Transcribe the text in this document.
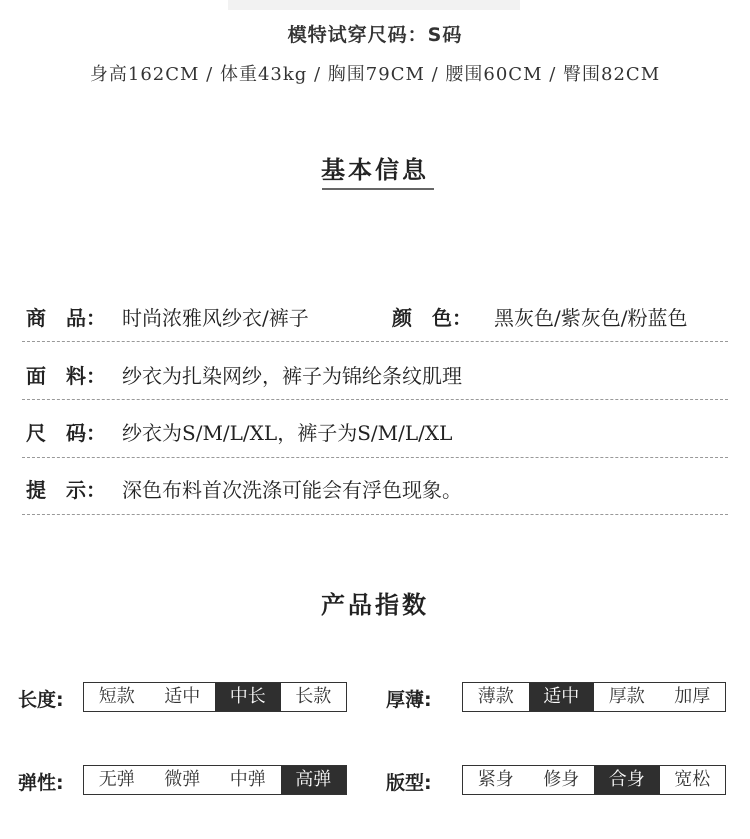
模特试穿尺码：S码
身高162CM / 体重43kg / 胸围79CM / 腰围60CM / 臀围82CM
基本信息
商　品： 时尚浓雅风纱衣/裤子	颜　色： 黑灰色/紫灰色/粉蓝色
面　料： 纱衣为扎染网纱，裤子为锦纶条纹肌理
尺　码： 纱衣为S/M/L/XL，裤子为S/M/L/XL
提　示： 深色布料首次洗涤可能会有浮色现象。
产品指数
长度:	短款	适中	中长	长款	厚薄:	薄款	适中	厚款	加厚
弹性:	无弹	微弹	中弹	高弹	版型:	紧身	修身	合身	宽松
